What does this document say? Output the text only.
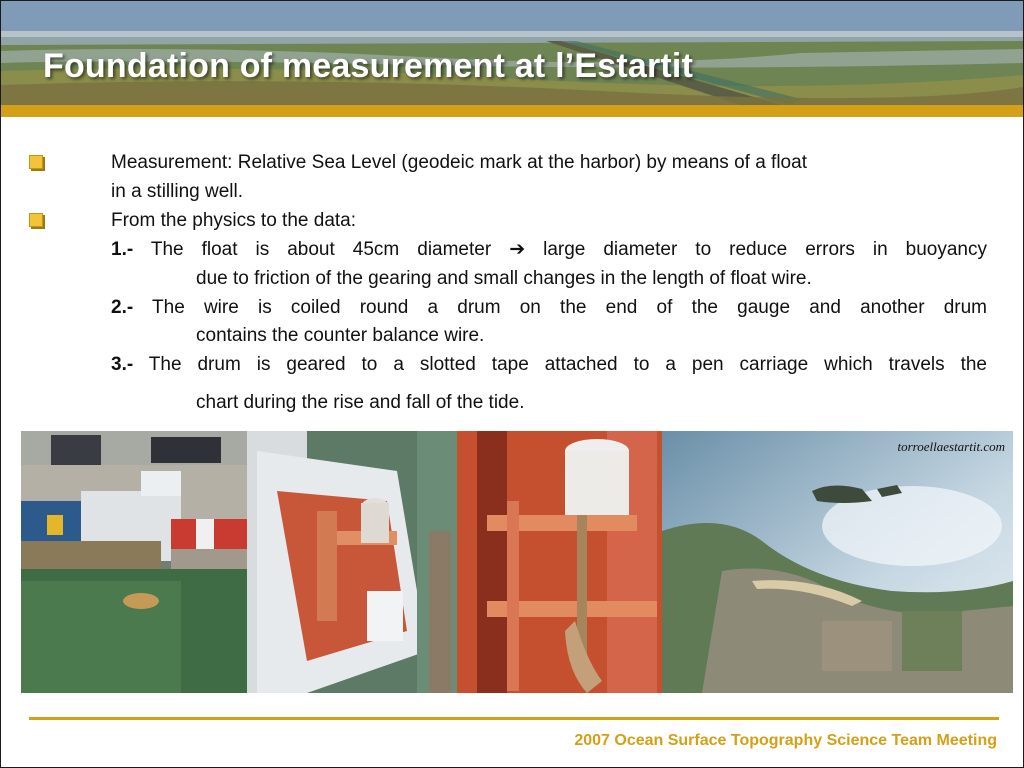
Foundation of measurement at l’Estartit
Measurement: Relative Sea Level (geodeic mark at the harbor) by means of a float
in a stilling well.
From the physics to the data:
1.- The float is about 45cm diameter ➔ large diameter to reduce errors in buoyancy
due to friction of the gearing and small changes in the length of float wire.
2.- The wire is coiled round a drum on the end of the gauge and another drum
contains the counter balance wire.
3.- The drum is geared to a slotted tape attached to a pen carriage which travels the
chart during the rise and fall of the tide.
torroellaestartit.com
2007 Ocean Surface Topography Science Team Meeting
